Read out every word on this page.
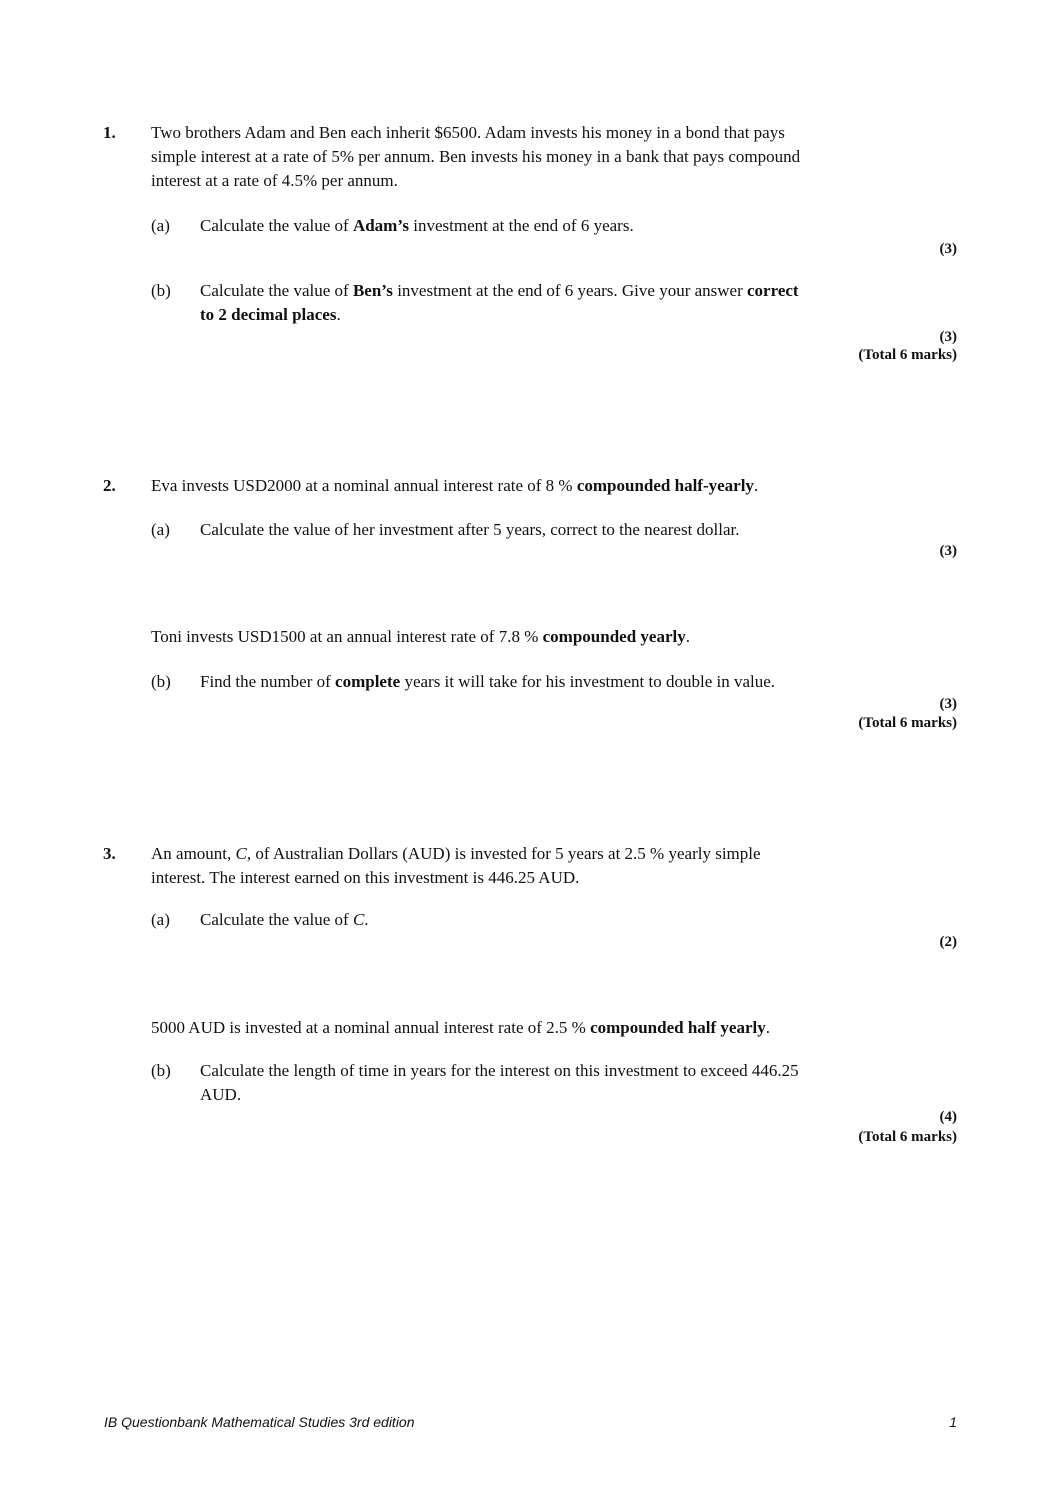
1. Two brothers Adam and Ben each inherit $6500. Adam invests his money in a bond that pays
simple interest at a rate of 5% per annum. Ben invests his money in a bank that pays compound
interest at a rate of 4.5% per annum.
(a) Calculate the value of Adam’s investment at the end of 6 years.
(3)
(b) Calculate the value of Ben’s investment at the end of 6 years. Give your answer correct
to 2 decimal places.
(3)
(Total 6 marks)
2. Eva invests USD2000 at a nominal annual interest rate of 8 % compounded half-yearly.
(a) Calculate the value of her investment after 5 years, correct to the nearest dollar.
(3)
Toni invests USD1500 at an annual interest rate of 7.8 % compounded yearly.
(b) Find the number of complete years it will take for his investment to double in value.
(3)
(Total 6 marks)
3. An amount, C, of Australian Dollars (AUD) is invested for 5 years at 2.5 % yearly simple
interest. The interest earned on this investment is 446.25 AUD.
(a) Calculate the value of C.
(2)
5000 AUD is invested at a nominal annual interest rate of 2.5 % compounded half yearly.
(b) Calculate the length of time in years for the interest on this investment to exceed 446.25
AUD.
(4)
(Total 6 marks)
IB Questionbank Mathematical Studies 3rd edition	1
